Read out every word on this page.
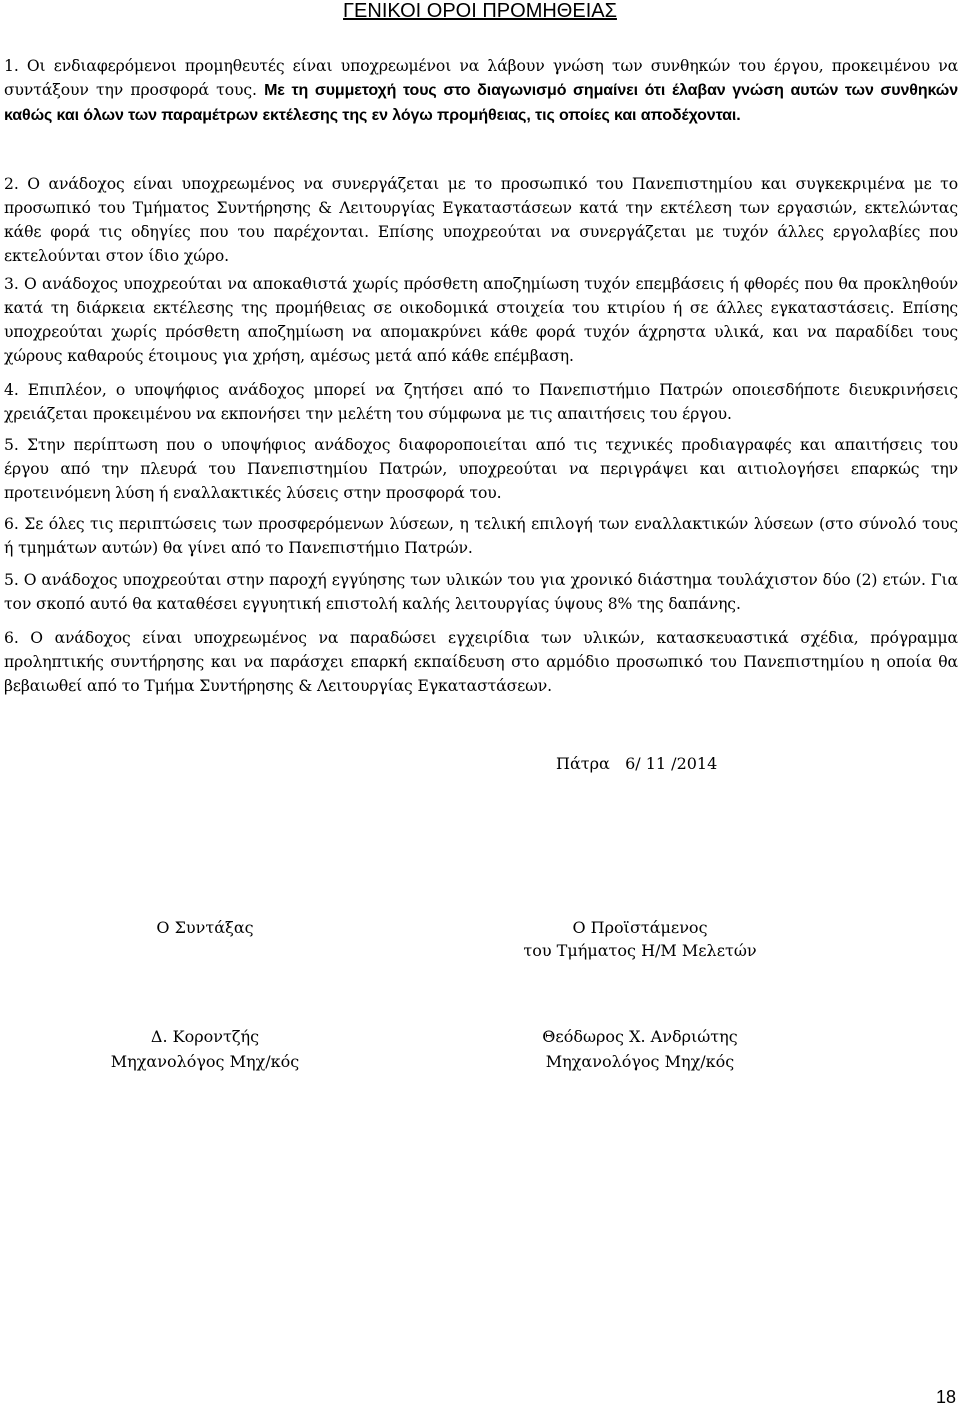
ΓΕΝΙΚΟΙ ΟΡΟΙ ΠΡΟΜΗΘΕΙΑΣ

1. Οι ενδιαφερόμενοι προμηθευτές είναι υποχρεωμένοι να λάβουν γνώση των συνθηκών του έργου, προκειμένου να συντάξουν την προσφορά τους. Με τη συμμετοχή τους στο διαγωνισμό σημαίνει ότι έλαβαν γνώση αυτών των συνθηκών καθώς και όλων των παραμέτρων εκτέλεσης της εν λόγω προμήθειας, τις οποίες και αποδέχονται.

2. Ο ανάδοχος είναι υποχρεωμένος να συνεργάζεται με το προσωπικό του Πανεπιστημίου και συγκεκριμένα με το προσωπικό του Τμήματος Συντήρησης & Λειτουργίας Εγκαταστάσεων κατά την εκτέλεση των εργασιών, εκτελώντας κάθε φορά τις οδηγίες που του παρέχονται. Επίσης υποχρεούται να συνεργάζεται με τυχόν άλλες εργολαβίες που εκτελούνται στον ίδιο χώρο.

3. Ο ανάδοχος υποχρεούται να αποκαθιστά χωρίς πρόσθετη αποζημίωση τυχόν επεμβάσεις ή φθορές που θα προκληθούν κατά τη διάρκεια εκτέλεσης της προμήθειας σε οικοδομικά στοιχεία του κτιρίου ή σε άλλες εγκαταστάσεις. Επίσης υποχρεούται χωρίς πρόσθετη αποζημίωση να απομακρύνει κάθε φορά τυχόν άχρηστα υλικά, και να παραδίδει τους χώρους καθαρούς έτοιμους για χρήση, αμέσως μετά από κάθε επέμβαση.

4. Επιπλέον, ο υποψήφιος ανάδοχος μπορεί να ζητήσει από το Πανεπιστήμιο Πατρών οποιεσδήποτε διευκρινήσεις χρειάζεται προκειμένου να εκπονήσει την μελέτη του σύμφωνα με τις απαιτήσεις του έργου.

5. Στην περίπτωση που ο υποψήφιος ανάδοχος διαφοροποιείται από τις τεχνικές προδιαγραφές και απαιτήσεις του έργου από την πλευρά του Πανεπιστημίου Πατρών, υποχρεούται να περιγράψει και αιτιολογήσει επαρκώς την προτεινόμενη λύση ή εναλλακτικές λύσεις στην προσφορά του.

6. Σε όλες τις περιπτώσεις των προσφερόμενων λύσεων, η τελική επιλογή των εναλλακτικών λύσεων (στο σύνολό τους ή τμημάτων αυτών) θα γίνει από το Πανεπιστήμιο Πατρών.

5. Ο ανάδοχος υποχρεούται στην παροχή εγγύησης των υλικών του για χρονικό διάστημα τουλάχιστον δύο (2) ετών. Για τον σκοπό αυτό θα καταθέσει εγγυητική επιστολή καλής λειτουργίας ύψους 8% της δαπάνης.

6. Ο ανάδοχος είναι υποχρεωμένος να παραδώσει εγχειρίδια των υλικών, κατασκευαστικά σχέδια, πρόγραμμα προληπτικής συντήρησης και να παράσχει επαρκή εκπαίδευση στο αρμόδιο προσωπικό του Πανεπιστημίου η οποία θα βεβαιωθεί από το Τμήμα Συντήρησης & Λειτουργίας Εγκαταστάσεων.

Πάτρα   6/ 11 /2014
Ο Συντάξας
Δ. Κοροντζής
Μηχανολόγος Μηχ/κός
Ο Προϊστάμενος
του Τμήματος Η/Μ Μελετών
Θεόδωρος Χ. Ανδριώτης
Μηχανολόγος Μηχ/κός
18
